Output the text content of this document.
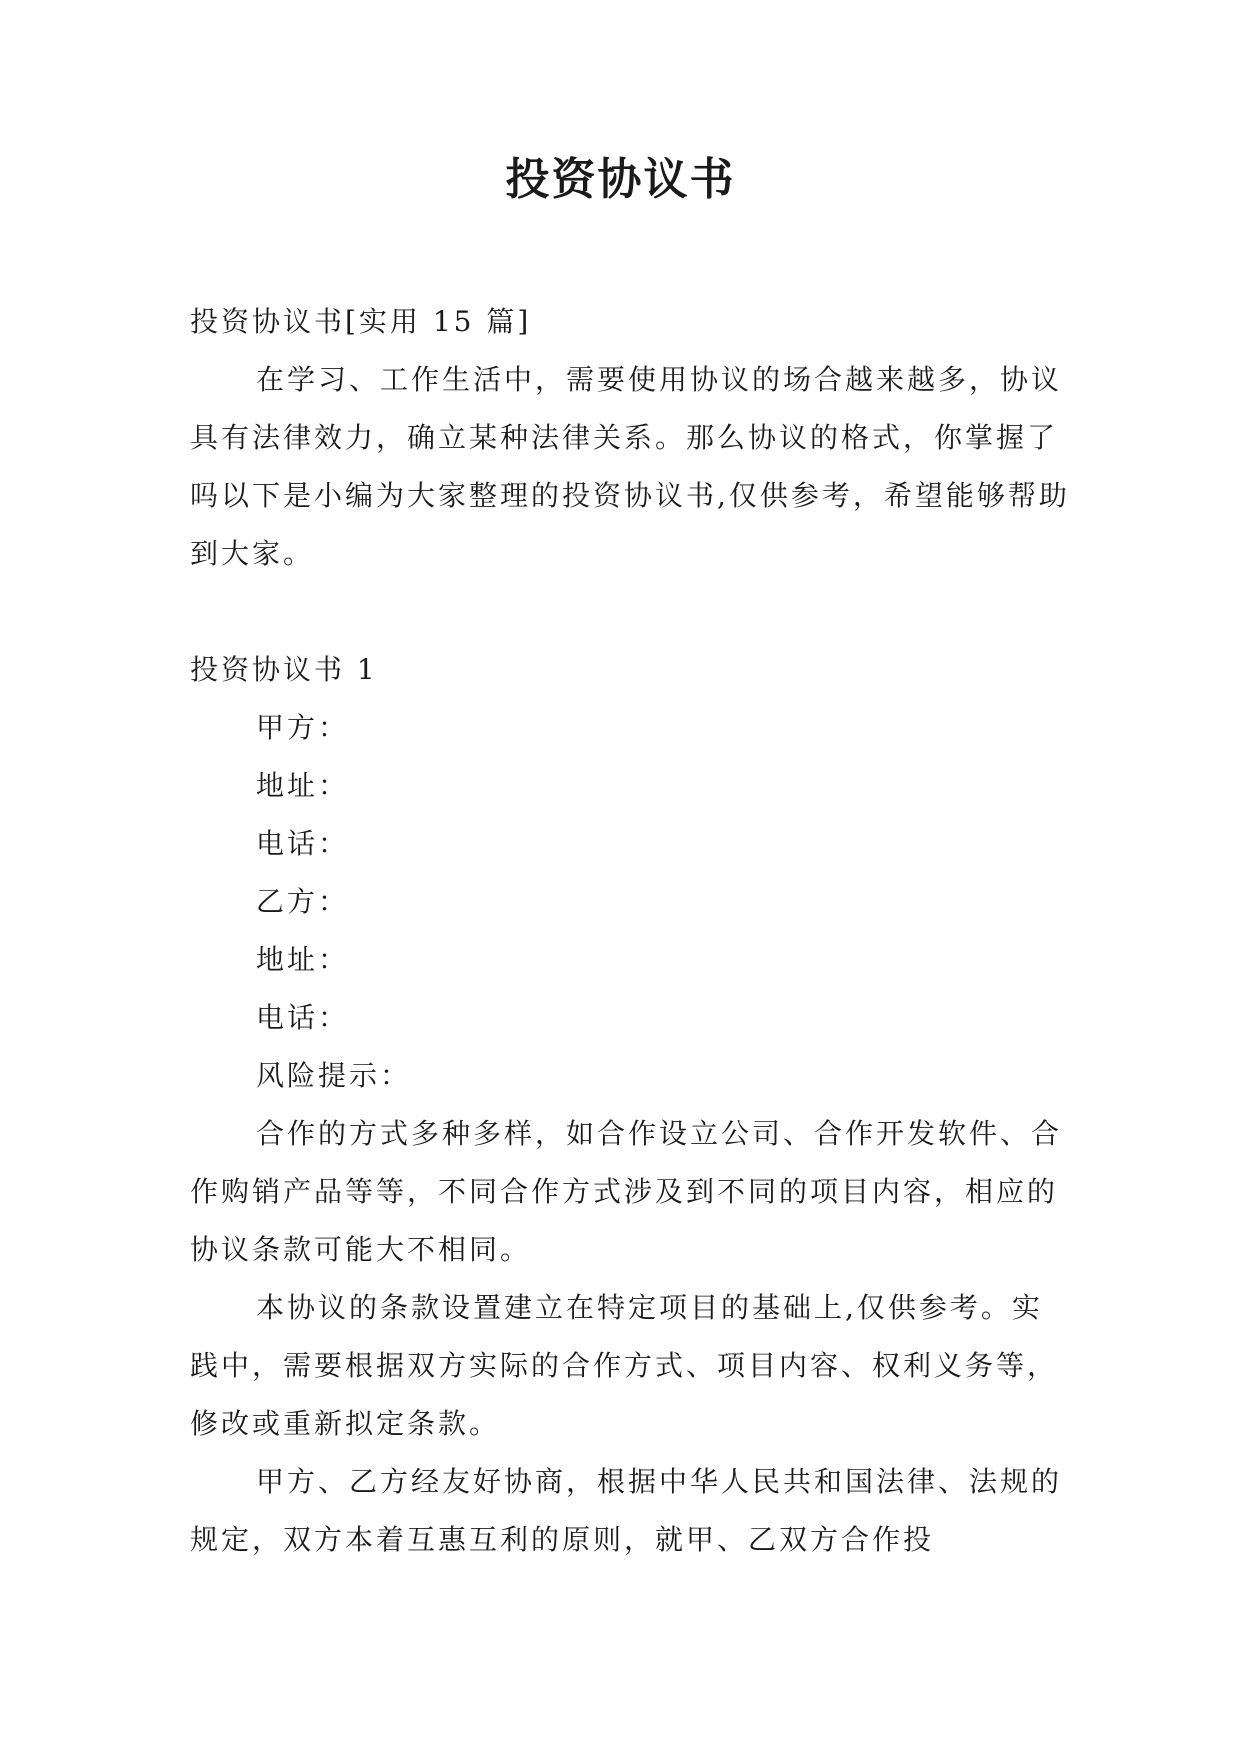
投资协议书

投资协议书[实用 15 篇]

在学习、工作生活中，需要使用协议的场合越来越多，协议具有法律效力，确立某种法律关系。那么协议的格式，你掌握了吗以下是小编为大家整理的投资协议书,仅供参考，希望能够帮助到大家。

投资协议书 1

甲方：

地址：

电话：

乙方：

地址：

电话：

风险提示：

合作的方式多种多样，如合作设立公司、合作开发软件、合作购销产品等等，不同合作方式涉及到不同的项目内容，相应的协议条款可能大不相同。

本协议的条款设置建立在特定项目的基础上,仅供参考。实践中，需要根据双方实际的合作方式、项目内容、权利义务等，修改或重新拟定条款。

甲方、乙方经友好协商，根据中华人民共和国法律、法规的规定，双方本着互惠互利的原则，就甲、乙双方合作投
